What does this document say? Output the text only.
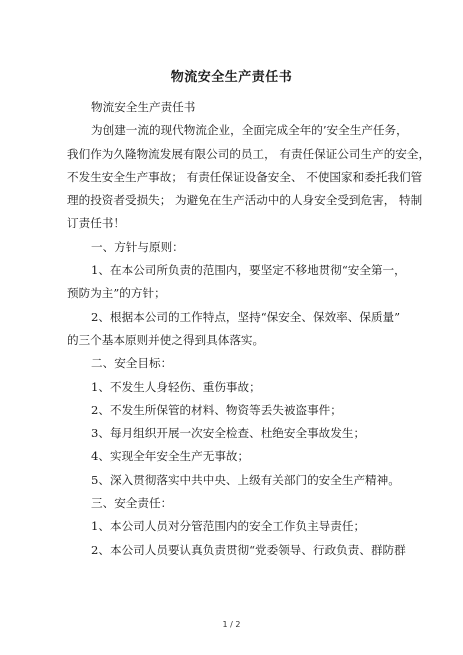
物流安全生产责任书
物流安全生产责任书
为创建一流的现代物流企业，全面完成全年的’安全生产任务，
我们作为久隆物流发展有限公司的员工， 有责任保证公司生产的安全，
不发生安全生产事故； 有责任保证设备安全、 不使国家和委托我们管
理的投资者受损失； 为避免在生产活动中的人身安全受到危害， 特制
订责任书！
一、方针与原则：
1、在本公司所负责的范围内，要坚定不移地贯彻“安全第一，
预防为主”的方针；
2、根据本公司的工作特点，坚持“保安全、保效率、保质量”
的三个基本原则并使之得到具体落实。
二、安全目标：
1、不发生人身轻伤、重伤事故；
2、不发生所保管的材料、物资等丢失被盗事件；
3、每月组织开展一次安全检查、杜绝安全事故发生；
4、实现全年安全生产无事故；
5、深入贯彻落实中共中央、上级有关部门的安全生产精神。
三、安全责任：
1、本公司人员对分管范围内的安全工作负主导责任；
2、本公司人员要认真负责贯彻“党委领导、行政负责、群防群
1 / 2
